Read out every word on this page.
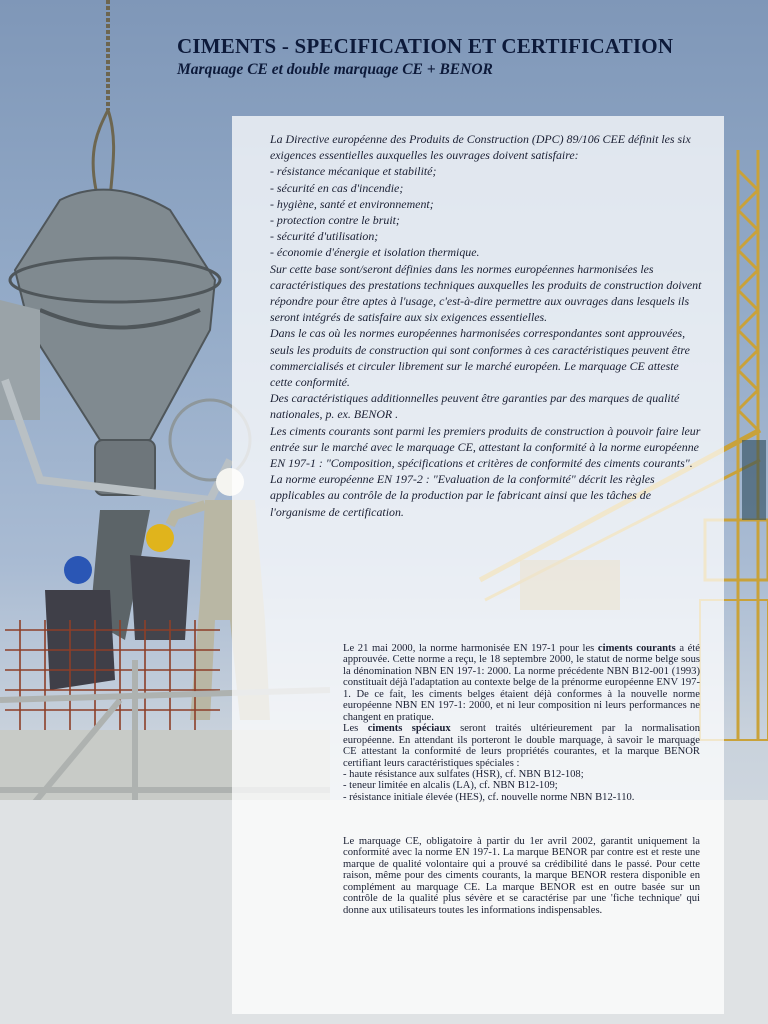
CIMENTS - SPECIFICATION ET CERTIFICATION
Marquage CE et double marquage CE + BENOR

La Directive européenne des Produits de Construction (DPC) 89/106 CEE définit les six exigences essentielles auxquelles les ouvrages doivent satisfaire:
- résistance mécanique et stabilité;
- sécurité en cas d'incendie;
- hygiène, santé et environnement;
- protection contre le bruit;
- sécurité d'utilisation;
- économie d'énergie et isolation thermique.

Sur cette base sont/seront définies dans les normes européennes harmonisées les caractéristiques des prestations techniques auxquelles les produits de construction doivent répondre pour être aptes à l'usage, c'est-à-dire permettre aux ouvrages dans lesquels ils seront intégrés de satisfaire aux six exigences essentielles.

Dans le cas où les normes européennes harmonisées correspondantes sont approuvées, seuls les produits de construction qui sont conformes à ces caractéristiques peuvent être commercialisés et circuler librement sur le marché européen. Le marquage CE atteste cette conformité.

Des caractéristiques additionnelles peuvent être garanties par des marques de qualité nationales, p. ex. BENOR .

Les ciments courants sont parmi les premiers produits de construction à pouvoir faire leur entrée sur le marché avec le marquage CE, attestant la conformité à la norme européenne EN 197-1 : "Composition, spécifications et critères de conformité des ciments courants".

La norme européenne EN 197-2 : "Evaluation de la conformité" décrit les règles applicables au contrôle de la production par le fabricant ainsi que les tâches de l'organisme de certification.

Le 21 mai 2000, la norme harmonisée EN 197-1 pour les ciments courants a été approuvée. Cette norme a reçu, le 18 septembre 2000, le statut de norme belge sous la dénomination NBN EN 197-1: 2000. La norme précédente NBN B12-001 (1993) constituait déjà l'adaptation au contexte belge de la prénorme européenne ENV 197-1. De ce fait, les ciments belges étaient déjà conformes à la nouvelle norme européenne NBN EN 197-1: 2000, et ni leur composition ni leurs performances ne changent en pratique.

Les ciments spéciaux seront traités ultérieurement par la normalisation européenne. En attendant ils porteront le double marquage, à savoir le marquage CE attestant la conformité de leurs propriétés courantes, et la marque BENOR certifiant leurs caractéristiques spéciales :
- haute résistance aux sulfates (HSR), cf. NBN B12-108;
- teneur limitée en alcalis (LA), cf. NBN B12-109;
- résistance initiale élevée (HES), cf. nouvelle norme NBN B12-110.

Le marquage CE, obligatoire à partir du 1er avril 2002, garantit uniquement la conformité avec la norme EN 197-1. La marque BENOR par contre est et reste une marque de qualité volontaire qui a prouvé sa crédibilité dans le passé. Pour cette raison, même pour des ciments courants, la marque BENOR restera disponible en complément au marquage CE. La marque BENOR est en outre basée sur un contrôle de la qualité plus sévère et se caractérise par une 'fiche technique' qui donne aux utilisateurs toutes les informations indispensables.
